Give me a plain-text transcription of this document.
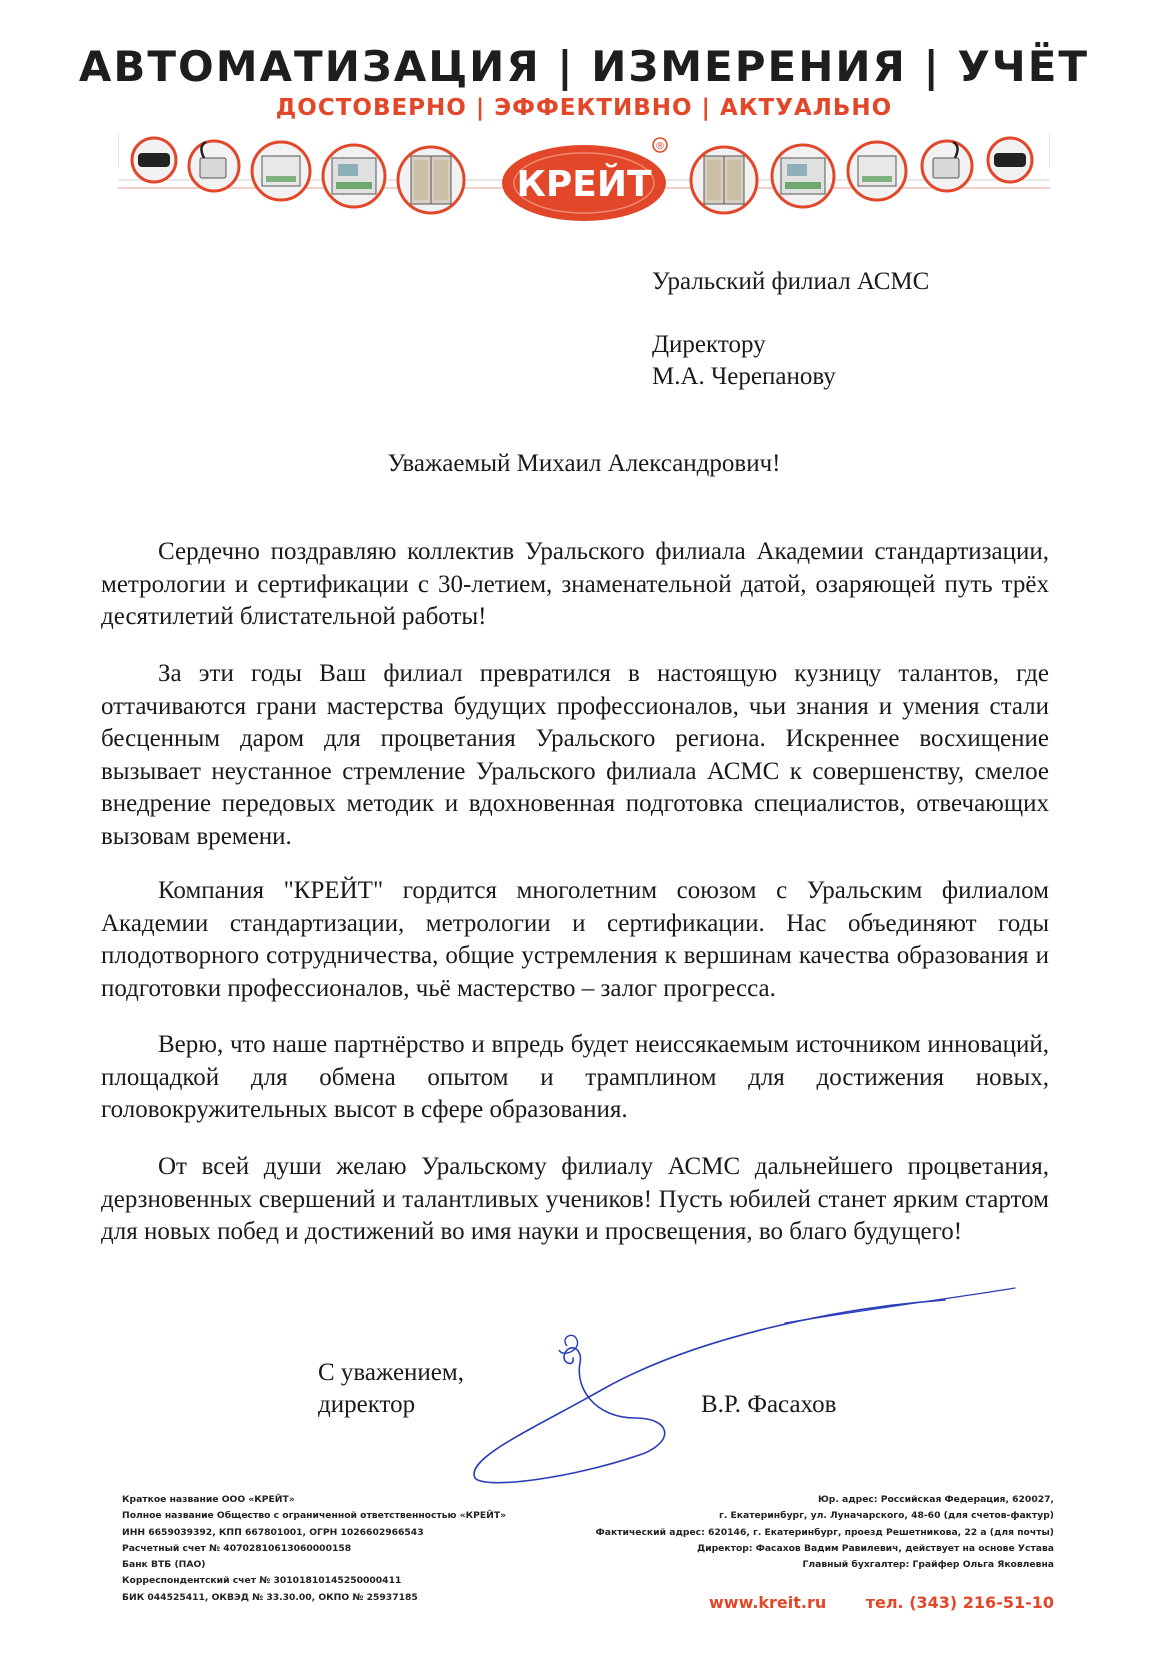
АВТОМАТИЗАЦИЯ | ИЗМЕРЕНИЯ | УЧЁТ
ДОСТОВЕРНО | ЭФФЕКТИВНО | АКТУАЛЬНО
КРЕЙТ
®
Уральский филиал АСМС
Директору
М.А. Черепанову
Уважаемый Михаил Александрович!

Сердечно поздравляю коллектив Уральского филиала Академии стандартизации, метрологии и сертификации с 30-летием, знаменательной датой, озаряющей путь трёх десятилетий блистательной работы!

За эти годы Ваш филиал превратился в настоящую кузницу талантов, где оттачиваются грани мастерства будущих профессионалов, чьи знания и умения стали бесценным даром для процветания Уральского региона. Искреннее восхищение вызывает неустанное стремление Уральского филиала АСМС к совершенству, смелое внедрение передовых методик и вдохновенная подготовка специалистов, отвечающих вызовам времени.

Компания "КРЕЙТ" гордится многолетним союзом с Уральским филиалом Академии стандартизации, метрологии и сертификации. Нас объединяют годы плодотворного сотрудничества, общие устремления к вершинам качества образования и подготовки профессионалов, чьё мастерство – залог прогресса.

Верю, что наше партнёрство и впредь будет неиссякаемым источником инноваций, площадкой для обмена опытом и трамплином для достижения новых, головокружительных высот в сфере образования.

От всей души желаю Уральскому филиалу АСМС дальнейшего процветания, дерзновенных свершений и талантливых учеников! Пусть юбилей станет ярким стартом для новых побед и достижений во имя науки и просвещения, во благо будущего!

С уважением,
директор	В.Р. Фасахов
Краткое название ООО «КРЕЙТ»
Полное название Общество с ограниченной ответственностью «КРЕЙТ»
ИНН 6659039392, КПП 667801001, ОГРН 1026602966543
Расчетный счет № 40702810613060000158
Банк ВТБ (ПАО)
Корреспондентский счет № 30101810145250000411
БИК 044525411, ОКВЭД № 33.30.00, ОКПО № 25937185
Юр. адрес: Российская Федерация, 620027,
г. Екатеринбург, ул. Луначарского, 48-60 (для счетов-фактур)
Фактический адрес: 620146, г. Екатеринбург, проезд Решетникова, 22 а (для почты)
Директор: Фасахов Вадим Равилевич, действует на основе Устава
Главный бухгалтер: Грайфер Ольга Яковлевна
www.kreit.ru тел. (343) 216-51-10
